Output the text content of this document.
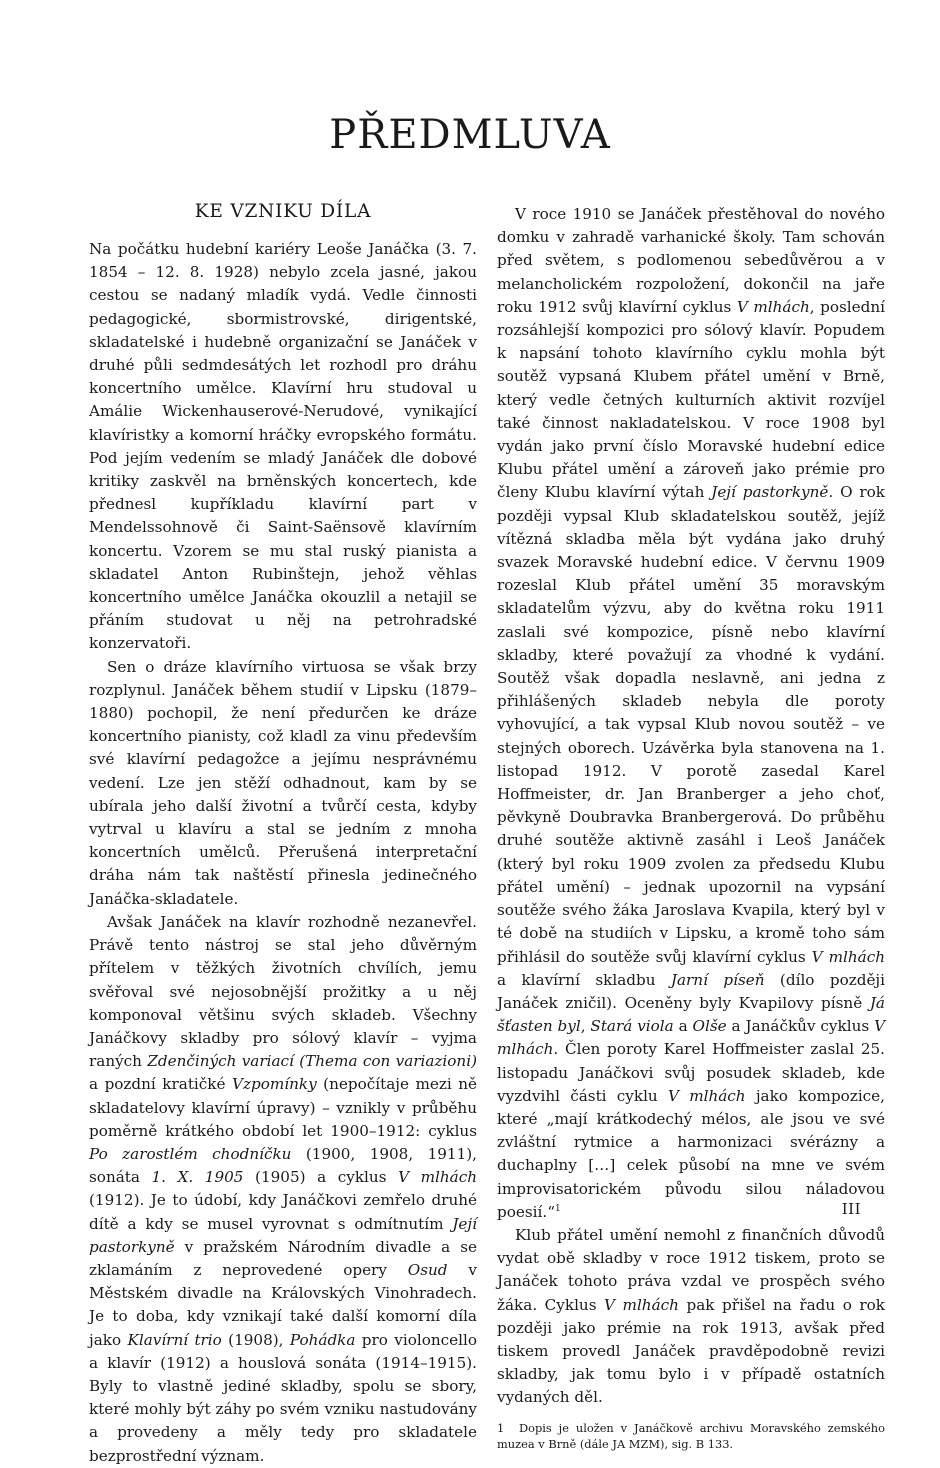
PŘEDMLUVA
KE VZNIKU DÍLA

Na počátku hudební kariéry Leoše Janáčka (3. 7. 1854 – 12. 8. 1928) nebylo zcela jasné, jakou cestou se nadaný mladík vydá. Vedle činnosti pedagogické, sbormistrovské, dirigentské, skladatelské i hudebně organizační se Janáček v druhé půli sedmdesátých let rozhodl pro dráhu koncertního umělce. Klavírní hru studoval u Amálie Wickenhauserové-Nerudové, vynikající klavíristky a komorní hráčky evropského formátu. Pod jejím vedením se mladý Janáček dle dobové kritiky zaskvěl na brněnských koncertech, kde přednesl kupříkladu klavírní part v Mendelssohnově či Saint-Saënsově klavírním koncertu. Vzorem se mu stal ruský pianista a skladatel Anton Rubinštejn, jehož věhlas koncertního umělce Janáčka okouzlil a netajil se přáním studovat u něj na petrohradské konzervatoři.

Sen o dráze klavírního virtuosa se však brzy rozplynul. Janáček během studií v Lipsku (1879–1880) pochopil, že není předurčen ke dráze koncertního pianisty, což kladl za vinu především své klavírní pedagožce a jejímu nesprávnému vedení. Lze jen stěží odhadnout, kam by se ubírala jeho další životní a tvůrčí cesta, kdyby vytrval u klavíru a stal se jedním z mnoha koncertních umělců. Přerušená interpretační dráha nám tak naštěstí přinesla jedinečného Janáčka-skladatele.

Avšak Janáček na klavír rozhodně nezanevřel. Právě tento nástroj se stal jeho důvěrným přítelem v těžkých životních chvílích, jemu svěřoval své nejosobnější prožitky a u něj komponoval většinu svých skladeb. Všechny Janáčkovy skladby pro sólový klavír – vyjma raných Zdenčiných variací (Thema con variazioni) a pozdní kratičké Vzpomínky (nepočítaje mezi ně skladatelovy klavírní úpravy) – vznikly v průběhu poměrně krátkého období let 1900–1912: cyklus Po zarostlém chodníčku (1900, 1908, 1911), sonáta 1. X. 1905 (1905) a cyklus V mlhách (1912). Je to údobí, kdy Janáčkovi zemřelo druhé dítě a kdy se musel vyrovnat s odmítnutím Její pastorkyně v pražském Národním divadle a se zklamáním z neprovedené opery Osud v Městském divadle na Královských Vinohradech. Je to doba, kdy vznikají také další komorní díla jako Klavírní trio (1908), Pohádka pro violoncello a klavír (1912) a houslová sonáta (1914–1915). Byly to vlastně jediné skladby, spolu se sbory, které mohly být záhy po svém vzniku nastudovány a provedeny a měly tedy pro skladatele bezprostřední význam.

V roce 1910 se Janáček přestěhoval do nového domku v zahradě varhanické školy. Tam schován před světem, s podlomenou sebedůvěrou a v melancholickém rozpoložení, dokončil na jaře roku 1912 svůj klavírní cyklus V mlhách, poslední rozsáhlejší kompozici pro sólový klavír. Popudem k napsání tohoto klavírního cyklu mohla být soutěž vypsaná Klubem přátel umění v Brně, který vedle četných kulturních aktivit rozvíjel také činnost nakladatelskou. V roce 1908 byl vydán jako první číslo Moravské hudební edice Klubu přátel umění a zároveň jako prémie pro členy Klubu klavírní výtah Její pastorkyně. O rok později vypsal Klub skladatelskou soutěž, jejíž vítězná skladba měla být vydána jako druhý svazek Moravské hudební edice. V červnu 1909 rozeslal Klub přátel umění 35 moravským skladatelům výzvu, aby do května roku 1911 zaslali své kompozice, písně nebo klavírní skladby, které považují za vhodné k vydání. Soutěž však dopadla neslavně, ani jedna z přihlášených skladeb nebyla dle poroty vyhovující, a tak vypsal Klub novou soutěž – ve stejných oborech. Uzávěrka byla stanovena na 1. listopad 1912. V porotě zasedal Karel Hoffmeister, dr. Jan Branberger a jeho choť, pěvkyně Doubravka Branbergerová. Do průběhu druhé soutěže aktivně zasáhl i Leoš Janáček (který byl roku 1909 zvolen za předsedu Klubu přátel umění) – jednak upozornil na vypsání soutěže svého žáka Jaroslava Kvapila, který byl v té době na studiích v Lipsku, a kromě toho sám přihlásil do soutěže svůj klavírní cyklus V mlhách a klavírní skladbu Jarní píseň (dílo později Janáček zničil). Oceněny byly Kvapilovy písně Já šťasten byl, Stará viola a Olše a Janáčkův cyklus V mlhách. Člen poroty Karel Hoffmeister zaslal 25. listopadu Janáčkovi svůj posudek skladeb, kde vyzdvihl části cyklu V mlhách jako kompozice, které „mají krátkodechý mélos, ale jsou ve své zvláštní rytmice a harmonizaci svérázny a duchaplny […] celek působí na mne ve svém improvisatorickém původu silou náladovou poesií.“$^1$

Klub přátel umění nemohl z finančních důvodů vydat obě skladby v roce 1912 tiskem, proto se Janáček tohoto práva vzdal ve prospěch svého žáka. Cyklus V mlhách pak přišel na řadu o rok později jako prémie na rok 1913, avšak před tiskem provedl Janáček pravděpodobně revizi skladby, jak tomu bylo i v případě ostatních vydaných děl.

1 Dopis je uložen v Janáčkově archivu Moravského zemského muzea v Brně (dále JA MZM), sig. B 133.

III
